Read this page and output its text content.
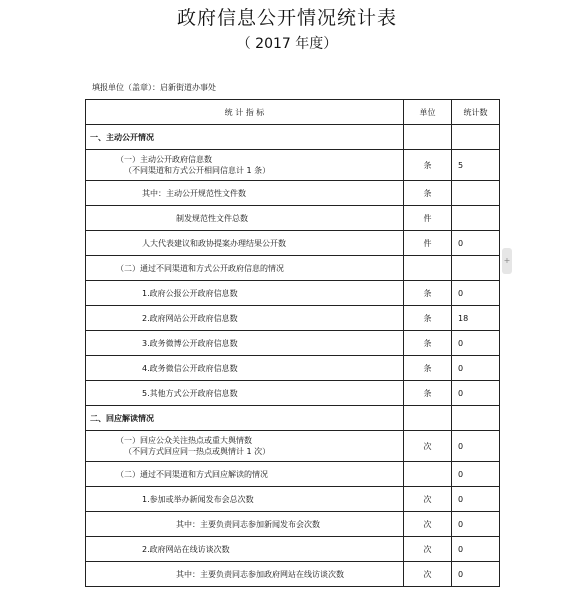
政府信息公开情况统计表
（ 2017 年度）
填报单位（盖章）：启新街道办事处
统 计 指 标	单位	统计数
一、主动公开情况		
（一）主动公开政府信息数
（不同渠道和方式公开相同信息计 1 条）	条	5
其中：主动公开规范性文件数	条	
制发规范性文件总数	件	
人大代表建议和政协提案办理结果公开数	件	0
（二）通过不同渠道和方式公开政府信息的情况		
1.政府公报公开政府信息数	条	0
2.政府网站公开政府信息数	条	18
3.政务微博公开政府信息数	条	0
4.政务微信公开政府信息数	条	0
5.其他方式公开政府信息数	条	0
二、回应解读情况		
（一）回应公众关注热点或重大舆情数
（不同方式回应同一热点或舆情计 1 次）	次	0
（二）通过不同渠道和方式回应解读的情况		0
1.参加或举办新闻发布会总次数	次	0
其中：主要负责同志参加新闻发布会次数	次	0
2.政府网站在线访谈次数	次	0
其中：主要负责同志参加政府网站在线访谈次数	次	0
+
